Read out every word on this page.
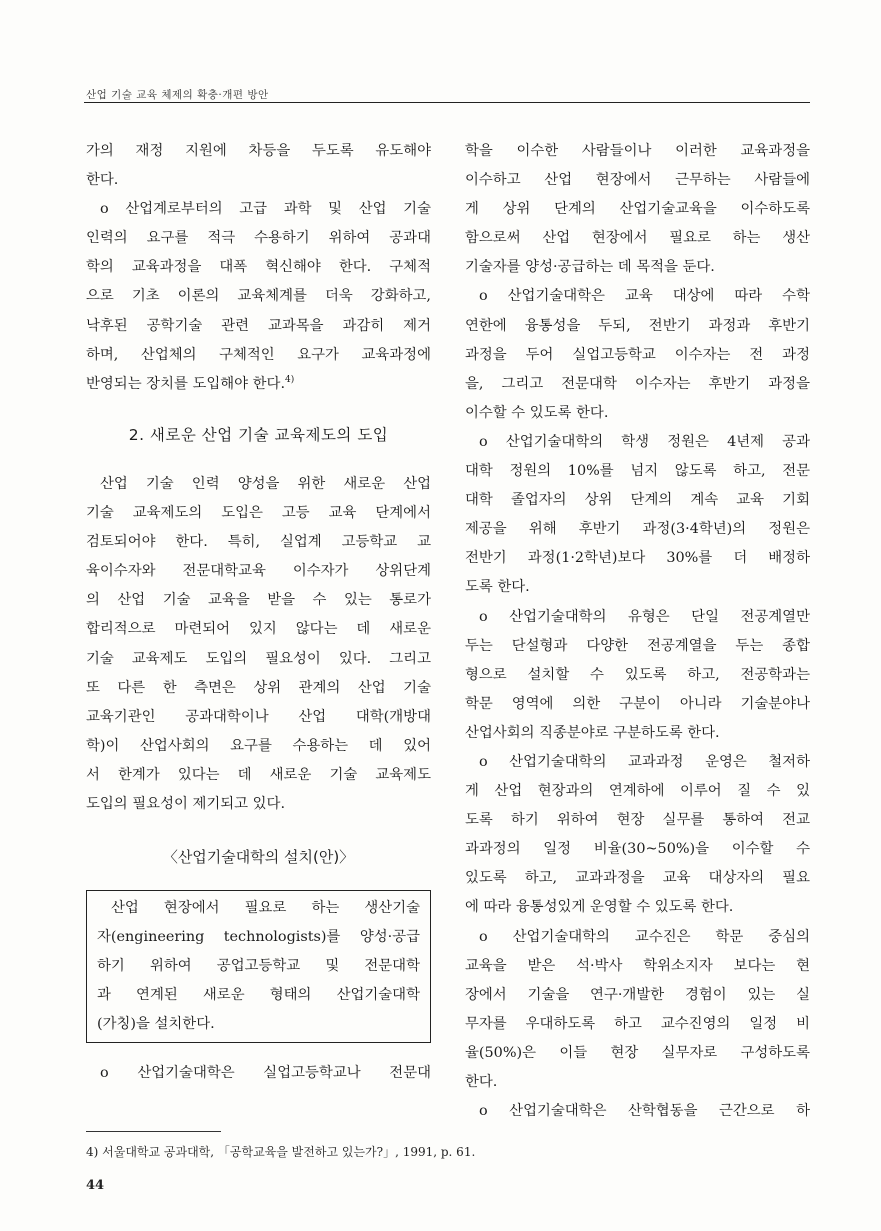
산업 기술 교육 체제의 확충·개편 방안

가의 재정 지원에 차등을 두도록 유도해야

한다.

o 산업계로부터의 고급 과학 및 산업 기술

인력의 요구를 적극 수용하기 위하여 공과대

학의 교육과정을 대폭 혁신해야 한다. 구체적

으로 기초 이론의 교육체계를 더욱 강화하고,

낙후된 공학기술 관련 교과목을 과감히 제거

하며, 산업체의 구체적인 요구가 교육과정에

반영되는 장치를 도입해야 한다.$^{4)}$

2. 새로운 산업 기술 교육제도의 도입

산업 기술 인력 양성을 위한 새로운 산업

기술 교육제도의 도입은 고등 교육 단계에서

검토되어야 한다. 특히, 실업계 고등학교 교

육이수자와 전문대학교육 이수자가 상위단계

의 산업 기술 교육을 받을 수 있는 통로가

합리적으로 마련되어 있지 않다는 데 새로운

기술 교육제도 도입의 필요성이 있다. 그리고

또 다른 한 측면은 상위 관계의 산업 기술

교육기관인 공과대학이나 산업 대학(개방대

학)이 산업사회의 요구를 수용하는 데 있어

서 한계가 있다는 데 새로운 기술 교육제도

도입의 필요성이 제기되고 있다.

〈산업기술대학의 설치(안)〉

산업 현장에서 필요로 하는 생산기술

자(engineering technologists)를 양성·공급

하기 위하여 공업고등학교 및 전문대학

과 연계된 새로운 형태의 산업기술대학

(가칭)을 설치한다.

o 산업기술대학은 실업고등학교나 전문대

학을 이수한 사람들이나 이러한 교육과정을

이수하고 산업 현장에서 근무하는 사람들에

게 상위 단계의 산업기술교육을 이수하도록

함으로써 산업 현장에서 필요로 하는 생산

기술자를 양성·공급하는 데 목적을 둔다.

o 산업기술대학은 교육 대상에 따라 수학

연한에 융통성을 두되, 전반기 과정과 후반기

과정을 두어 실업고등학교 이수자는 전 과정

을, 그리고 전문대학 이수자는 후반기 과정을

이수할 수 있도록 한다.

o 산업기술대학의 학생 정원은 4년제 공과

대학 정원의 10%를 넘지 않도록 하고, 전문

대학 졸업자의 상위 단계의 계속 교육 기회

제공을 위해 후반기 과정(3·4학년)의 정원은

전반기 과정(1·2학년)보다 30%를 더 배정하

도록 한다.

o 산업기술대학의 유형은 단일 전공계열만

두는 단설형과 다양한 전공계열을 두는 종합

형으로 설치할 수 있도록 하고, 전공학과는

학문 영역에 의한 구분이 아니라 기술분야나

산업사회의 직종분야로 구분하도록 한다.

o 산업기술대학의 교과과정 운영은 철저하

게 산업 현장과의 연계하에 이루어 질 수 있

도록 하기 위하여 현장 실무를 통하여 전교

과과정의 일정 비율(30~50%)을 이수할 수

있도록 하고, 교과과정을 교육 대상자의 필요

에 따라 융통성있게 운영할 수 있도록 한다.

o 산업기술대학의 교수진은 학문 중심의

교육을 받은 석·박사 학위소지자 보다는 현

장에서 기술을 연구·개발한 경험이 있는 실

무자를 우대하도록 하고 교수진영의 일정 비

율(50%)은 이들 현장 실무자로 구성하도록

한다.

o 산업기술대학은 산학협동을 근간으로 하

4) 서울대학교 공과대학, 「공학교육을 발전하고 있는가?」, 1991, p. 61.
44
